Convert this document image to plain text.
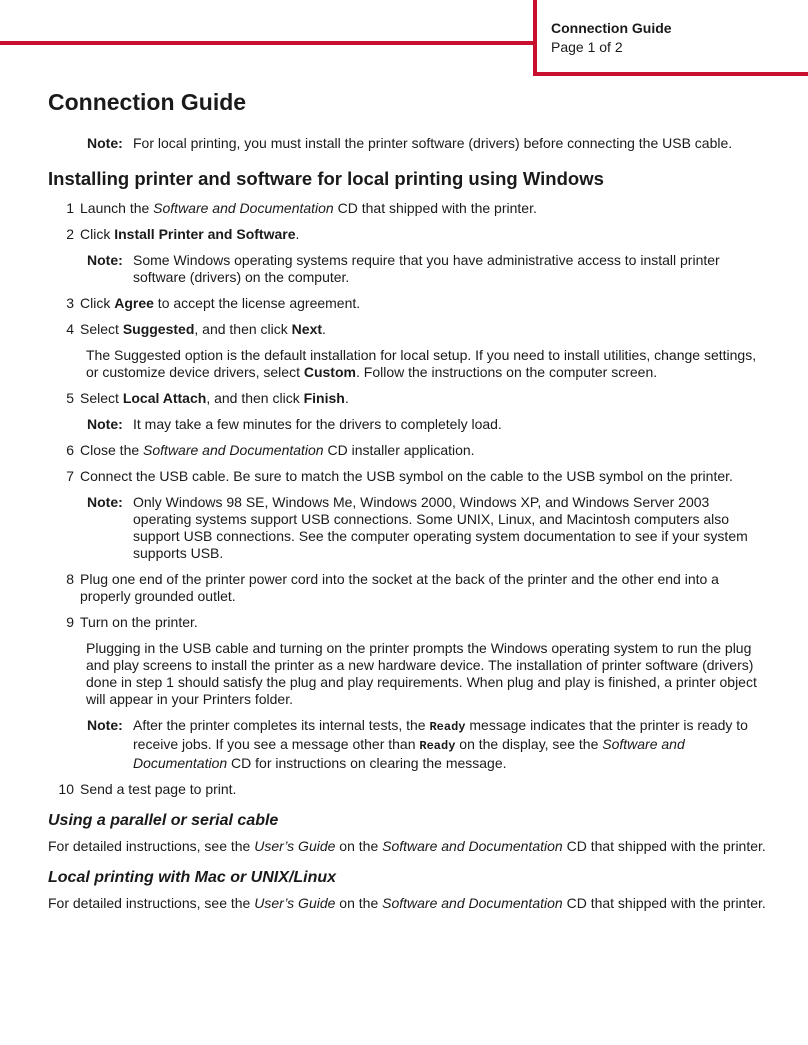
Connection Guide
Page 1 of 2
Connection Guide
Note: For local printing, you must install the printer software (drivers) before connecting the USB cable.
Installing printer and software for local printing using Windows
1 Launch the Software and Documentation CD that shipped with the printer.
2 Click Install Printer and Software.
Note: Some Windows operating systems require that you have administrative access to install printer software (drivers) on the computer.
3 Click Agree to accept the license agreement.
4 Select Suggested, and then click Next.
The Suggested option is the default installation for local setup. If you need to install utilities, change settings, or customize device drivers, select Custom. Follow the instructions on the computer screen.
5 Select Local Attach, and then click Finish.
Note: It may take a few minutes for the drivers to completely load.
6 Close the Software and Documentation CD installer application.
7 Connect the USB cable. Be sure to match the USB symbol on the cable to the USB symbol on the printer.
Note: Only Windows 98 SE, Windows Me, Windows 2000, Windows XP, and Windows Server 2003 operating systems support USB connections. Some UNIX, Linux, and Macintosh computers also support USB connections. See the computer operating system documentation to see if your system supports USB.
8 Plug one end of the printer power cord into the socket at the back of the printer and the other end into a properly grounded outlet.
9 Turn on the printer.
Plugging in the USB cable and turning on the printer prompts the Windows operating system to run the plug and play screens to install the printer as a new hardware device. The installation of printer software (drivers) done in step 1 should satisfy the plug and play requirements. When plug and play is finished, a printer object will appear in your Printers folder.
Note: After the printer completes its internal tests, the Ready message indicates that the printer is ready to receive jobs. If you see a message other than Ready on the display, see the Software and Documentation CD for instructions on clearing the message.
10 Send a test page to print.
Using a parallel or serial cable
For detailed instructions, see the User’s Guide on the Software and Documentation CD that shipped with the printer.
Local printing with Mac or UNIX/Linux
For detailed instructions, see the User’s Guide on the Software and Documentation CD that shipped with the printer.
